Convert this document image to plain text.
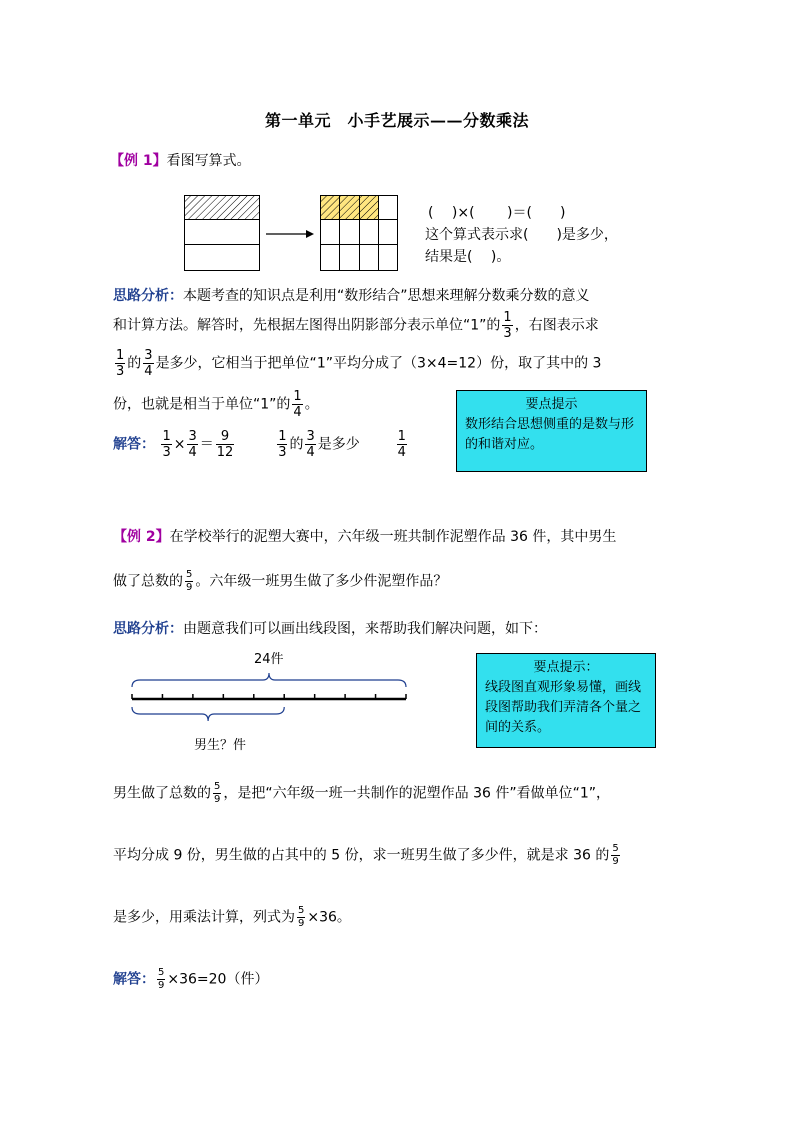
第一单元　小手艺展示——分数乘法
【例 1】看图写算式。
(　 )×(　　 )＝(　　)
这个算式表示求(　　)是多少，
结果是(　 )。
思路分析：本题考查的知识点是利用“数形结合”思想来理解分数乘分数的意义
和计算方法。解答时，先根据左图得出阴影部分表示单位“1”的 $\frac{1}{3}$ ，右图表示求
$\frac{1}{3}$ 的 $\frac{3}{4}$ 是多少，它相当于把单位“1”平均分成了（3×4=12）份，取了其中的 3
份，也就是相当于单位“1”的 $\frac{1}{4}$ 。
解答： $\frac{1}{3} \times \frac{3}{4} = \frac{9}{12}$
	$\frac{1}{3}$ 的 $\frac{3}{4}$ 是多少	$\frac{1}{4}$
要点提示
数形结合思想侧重的是数与形的和谐对应。
【例 2】在学校举行的泥塑大赛中，六年级一班共制作泥塑作品 36 件，其中男生
做了总数的 $\frac{5}{9}$ 。六年级一班男生做了多少件泥塑作品？
思路分析：由题意我们可以画出线段图，来帮助我们解决问题，如下：
24件
男生？件
要点提示：
线段图直观形象易懂，画线段图帮助我们弄清各个量之间的关系。
男生做了总数的 $\frac{5}{9}$ ，是把“六年级一班一共制作的泥塑作品 36 件”看做单位“1”，
平均分成 9 份，男生做的占其中的 5 份，求一班男生做了多少件，就是求 36 的 $\frac{5}{9}$
是多少，用乘法计算，列式为 $\frac{5}{9} \times 36$。
解答： $\frac{5}{9} \times 36=20$（件）
